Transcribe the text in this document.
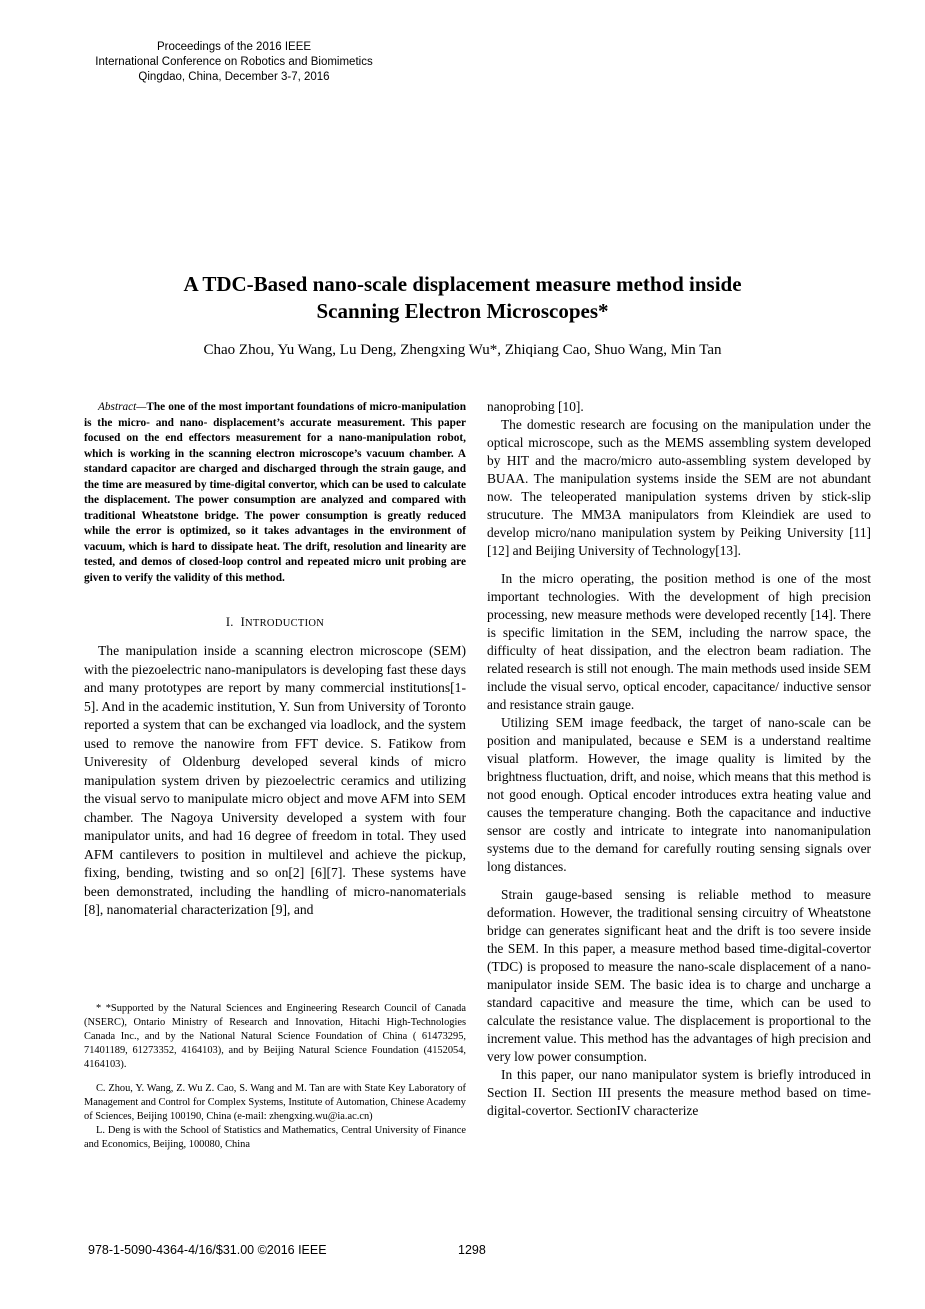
Proceedings of the 2016 IEEE
International Conference on Robotics and Biomimetics
Qingdao, China, December 3-7, 2016
A TDC-Based nano-scale displacement measure method inside
Scanning Electron Microscopes*
Chao Zhou, Yu Wang, Lu Deng, Zhengxing Wu*, Zhiqiang Cao, Shuo Wang, Min Tan

Abstract—The one of the most important foundations of micro-manipulation is the micro- and nano- displacement’s accurate measurement. This paper focused on the end effectors measurement for a nano-manipulation robot, which is working in the scanning electron microscope’s vacuum chamber. A standard capacitor are charged and discharged through the strain gauge, and the time are measured by time-digital convertor, which can be used to calculate the displacement. The power consumption are analyzed and compared with traditional Wheatstone bridge. The power consumption is greatly reduced while the error is optimized, so it takes advantages in the environment of vacuum, which is hard to dissipate heat. The drift, resolution and linearity are tested, and demos of closed-loop control and repeated micro unit probing are given to verify the validity of this method.

I. INTRODUCTION

The manipulation inside a scanning electron microscope (SEM) with the piezoelectric nano-manipulators is developing fast these days and many prototypes are report by many commercial institutions[1-5]. And in the academic institution, Y. Sun from University of Toronto reported a system that can be exchanged via loadlock, and the system used to remove the nanowire from FFT device. S. Fatikow from Univeresity of Oldenburg developed several kinds of micro manipulation system driven by piezoelectric ceramics and utilizing the visual servo to manipulate micro object and move AFM into SEM chamber. The Nagoya University developed a system with four manipulator units, and had 16 degree of freedom in total. They used AFM cantilevers to position in multilevel and achieve the pickup, fixing, bending, twisting and so on[2] [6][7]. These systems have been demonstrated, including the handling of micro-nanomaterials [8], nanomaterial characterization [9], and

* *Supported by the Natural Sciences and Engineering Research Council of Canada (NSERC), Ontario Ministry of Research and Innovation, Hitachi High-Technologies Canada Inc., and by the National Natural Science Foundation of China ( 61473295, 71401189, 61273352, 4164103), and by Beijing Natural Science Foundation (4152054, 4164103).

C. Zhou, Y. Wang, Z. Wu Z. Cao, S. Wang and M. Tan are with State Key Laboratory of Management and Control for Complex Systems, Institute of Automation, Chinese Academy of Sciences, Beijing 100190, China (e-mail: zhengxing.wu@ia.ac.cn)

L. Deng is with the School of Statistics and Mathematics, Central University of Finance and Economics, Beijing, 100080, China

nanoprobing [10].

The domestic research are focusing on the manipulation under the optical microscope, such as the MEMS assembling system developed by HIT and the macro/micro auto-assembling system developed by BUAA. The manipulation systems inside the SEM are not abundant now. The teleoperated manipulation systems driven by stick-slip strucuture. The MM3A manipulators from Kleindiek are used to develop micro/nano manipulation system by Peiking University [11][12] and Beijing University of Technology[13].

In the micro operating, the position method is one of the most important technologies. With the development of high precision processing, new measure methods were developed recently [14]. There is specific limitation in the SEM, including the narrow space, the difficulty of heat dissipation, and the electron beam radiation. The related research is still not enough. The main methods used inside SEM include the visual servo, optical encoder, capacitance/ inductive sensor and resistance strain gauge.

Utilizing SEM image feedback, the target of nano-scale can be position and manipulated, because e SEM is a understand realtime visual platform. However, the image quality is limited by the brightness fluctuation, drift, and noise, which means that this method is not good enough. Optical encoder introduces extra heating value and causes the temperature changing. Both the capacitance and inductive sensor are costly and intricate to integrate into nanomanipulation systems due to the demand for carefully routing sensing signals over long distances.

Strain gauge-based sensing is reliable method to measure deformation. However, the traditional sensing circuitry of Wheatstone bridge can generates significant heat and the drift is too severe inside the SEM. In this paper, a measure method based time-digital-covertor (TDC) is proposed to measure the nano-scale displacement of a nano-manipulator inside SEM. The basic idea is to charge and uncharge a standard capacitive and measure the time, which can be used to calculate the resistance value. The displacement is proportional to the increment value. This method has the advantages of high precision and very low power consumption.

In this paper, our nano manipulator system is briefly introduced in Section II. Section III presents the measure method based on time-digital-covertor. SectionIV characterize

978-1-5090-4364-4/16/$31.00 ©2016 IEEE	1298
